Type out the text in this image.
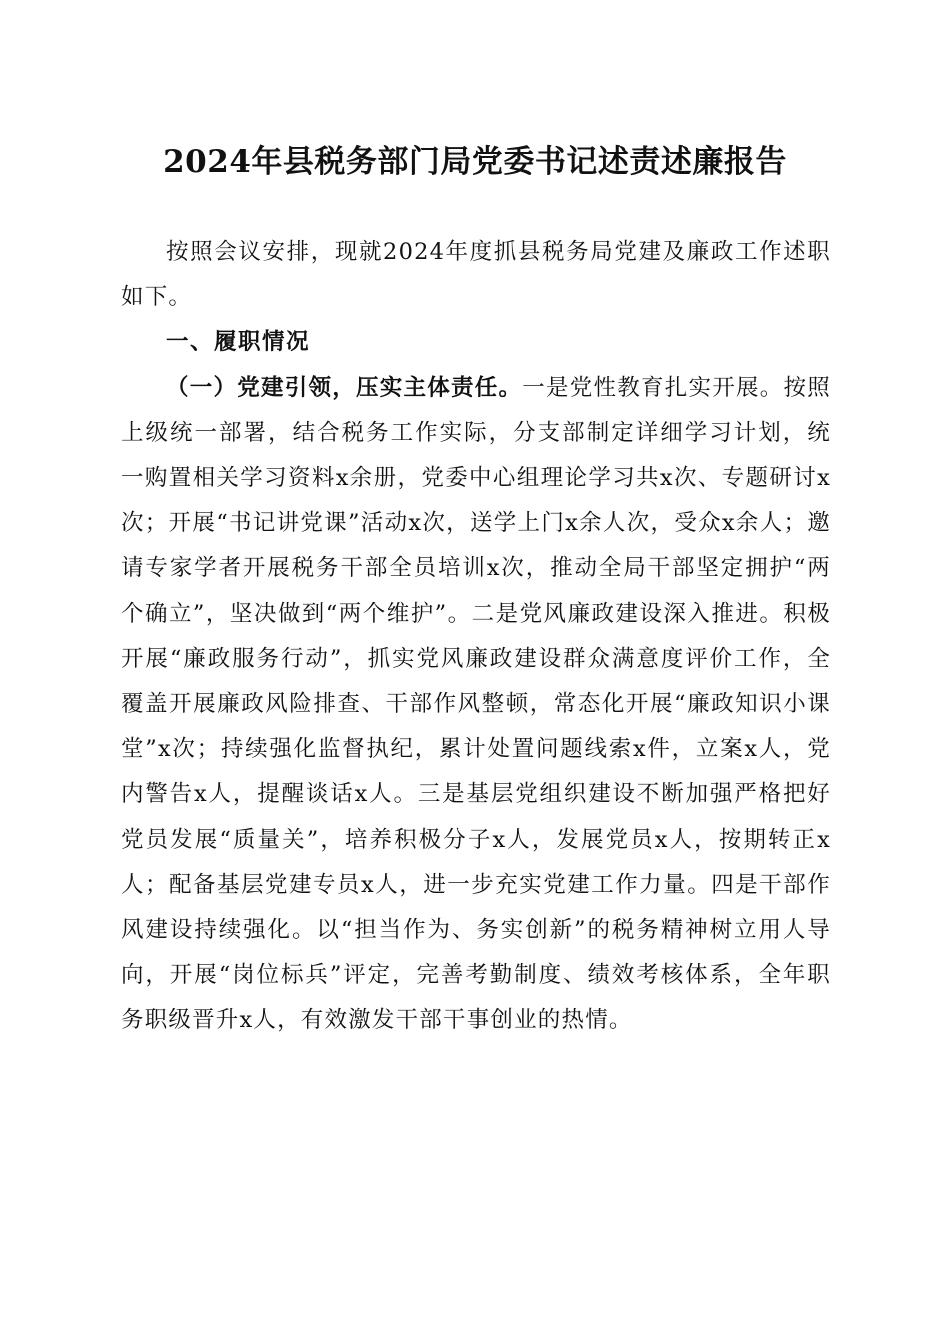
2024年县税务部门局党委书记述责述廉报告

按照会议安排，现就2024年度抓县税务局党建及廉政工作述职如下。

一、履职情况

（一）党建引领，压实主体责任。一是党性教育扎实开展。按照上级统一部署，结合税务工作实际，分支部制定详细学习计划，统一购置相关学习资料x余册，党委中心组理论学习共x次、专题研讨x次；开展“书记讲党课”活动x次，送学上门x余人次，受众x余人；邀请专家学者开展税务干部全员培训x次，推动全局干部坚定拥护“两个确立”，坚决做到“两个维护”。二是党风廉政建设深入推进。积极开展“廉政服务行动”，抓实党风廉政建设群众满意度评价工作，全覆盖开展廉政风险排查、干部作风整顿，常态化开展“廉政知识小课堂”x次；持续强化监督执纪，累计处置问题线索x件，立案x人，党内警告x人，提醒谈话x人。三是基层党组织建设不断加强严格把好党员发展“质量关”，培养积极分子x人，发展党员x人，按期转正x人；配备基层党建专员x人，进一步充实党建工作力量。四是干部作风建设持续强化。以“担当作为、务实创新”的税务精神树立用人导向，开展“岗位标兵”评定，完善考勤制度、绩效考核体系，全年职务职级晋升x人，有效激发干部干事创业的热情。
